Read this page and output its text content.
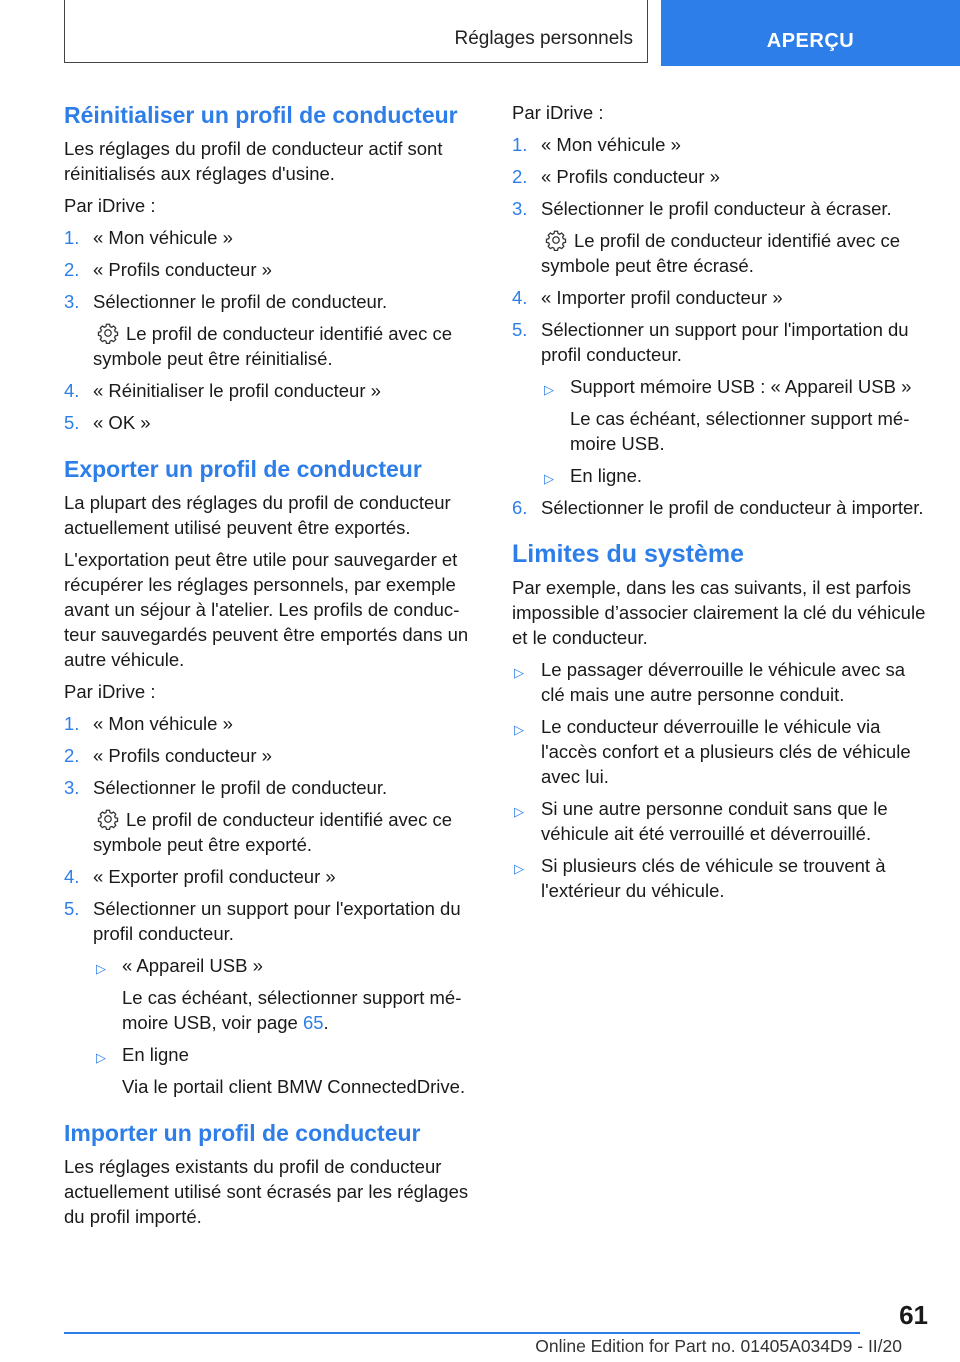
Réglages personnels	APERÇU
Réinitialiser un profil de conducteur

Les réglages du profil de conducteur actif sont réinitialisés aux réglages d'usine.

Par iDrive :

1. « Mon véhicule »
2. « Profils conducteur »
3. Sélectionner le profil de conducteur.
Le profil de conducteur identifié avec ce symbole peut être réinitialisé.
4. « Réinitialiser le profil conducteur »
5. « OK »
Exporter un profil de conducteur

La plupart des réglages du profil de conducteur actuellement utilisé peuvent être exportés.

L'exportation peut être utile pour sauvegarder et récupérer les réglages personnels, par exemple avant un séjour à l'atelier. Les profils de conducteur sauvegardés peuvent être emportés dans un autre véhicule.

Par iDrive :

1. « Mon véhicule »
2. « Profils conducteur »
3. Sélectionner le profil de conducteur.
Le profil de conducteur identifié avec ce symbole peut être exporté.
4. « Exporter profil conducteur »
5. Sélectionner un support pour l'exportation du profil conducteur.
▷ « Appareil USB »
Le cas échéant, sélectionner support mémoire USB, voir page 65.
▷ En ligne
Via le portail client BMW ConnectedDrive.
Importer un profil de conducteur

Les réglages existants du profil de conducteur actuellement utilisé sont écrasés par les réglages du profil importé.

Par iDrive :

1. « Mon véhicule »
2. « Profils conducteur »
3. Sélectionner le profil conducteur à écraser.
Le profil de conducteur identifié avec ce symbole peut être écrasé.
4. « Importer profil conducteur »
5. Sélectionner un support pour l'importation du profil conducteur.
▷ Support mémoire USB : « Appareil USB »
Le cas échéant, sélectionner support mémoire USB.
▷ En ligne.
6. Sélectionner le profil de conducteur à importer.
Limites du système

Par exemple, dans les cas suivants, il est parfois impossible d’associer clairement la clé du véhicule et le conducteur.

▷ Le passager déverrouille le véhicule avec sa clé mais une autre personne conduit.
▷ Le conducteur déverrouille le véhicule via l'accès confort et a plusieurs clés de véhicule avec lui.
▷ Si une autre personne conduit sans que le véhicule ait été verrouillé et déverrouillé.
▷ Si plusieurs clés de véhicule se trouvent à l'extérieur du véhicule.
61
Online Edition for Part no. 01405A034D9 - II/20
